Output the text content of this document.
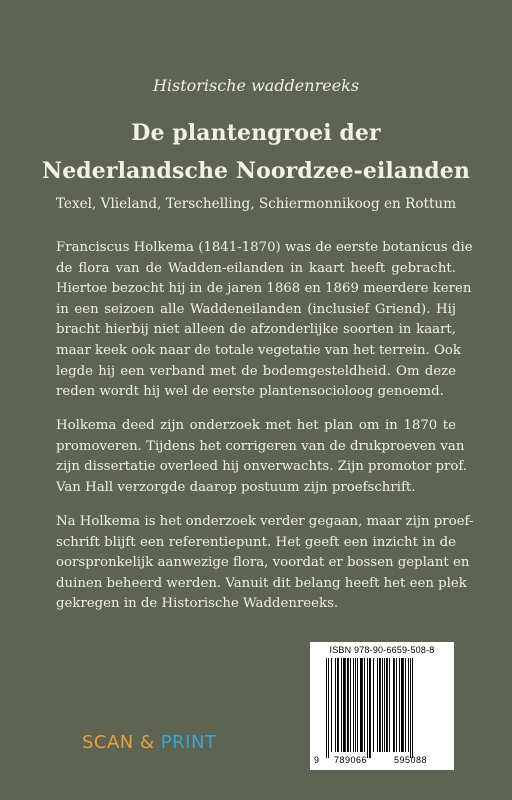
Historische waddenreeks
De plantengroei der
Nederlandsche Noordzee-eilanden
Texel, Vlieland, Terschelling, Schiermonnikoog en Rottum

Franciscus Holkema (1841-1870) was de eerste botanicus die
de flora van de Wadden-eilanden in kaart heeft gebracht.
Hiertoe bezocht hij in de jaren 1868 en 1869 meerdere keren
in een seizoen alle Waddeneilanden (inclusief Griend). Hij
bracht hierbij niet alleen de afzonderlijke soorten in kaart,
maar keek ook naar de totale vegetatie van het terrein. Ook
legde hij een verband met de bodemgesteldheid. Om deze
reden wordt hij wel de eerste plantensocioloog genoemd.

Holkema deed zijn onderzoek met het plan om in 1870 te
promoveren. Tijdens het corrigeren van de drukproeven van
zijn dissertatie overleed hij onverwachts. Zijn promotor prof.
Van Hall verzorgde daarop postuum zijn proefschrift.

Na Holkema is het onderzoek verder gegaan, maar zijn proef-
schrift blijft een referentiepunt. Het geeft een inzicht in de
oorspronkelijk aanwezige flora, voordat er bossen geplant en
duinen beheerd werden. Vanuit dit belang heeft het een plek
gekregen in de Historische Waddenreeks.

SCAN & PRINT
ISBN 978-90-6659-508-8
9 789066	595088
